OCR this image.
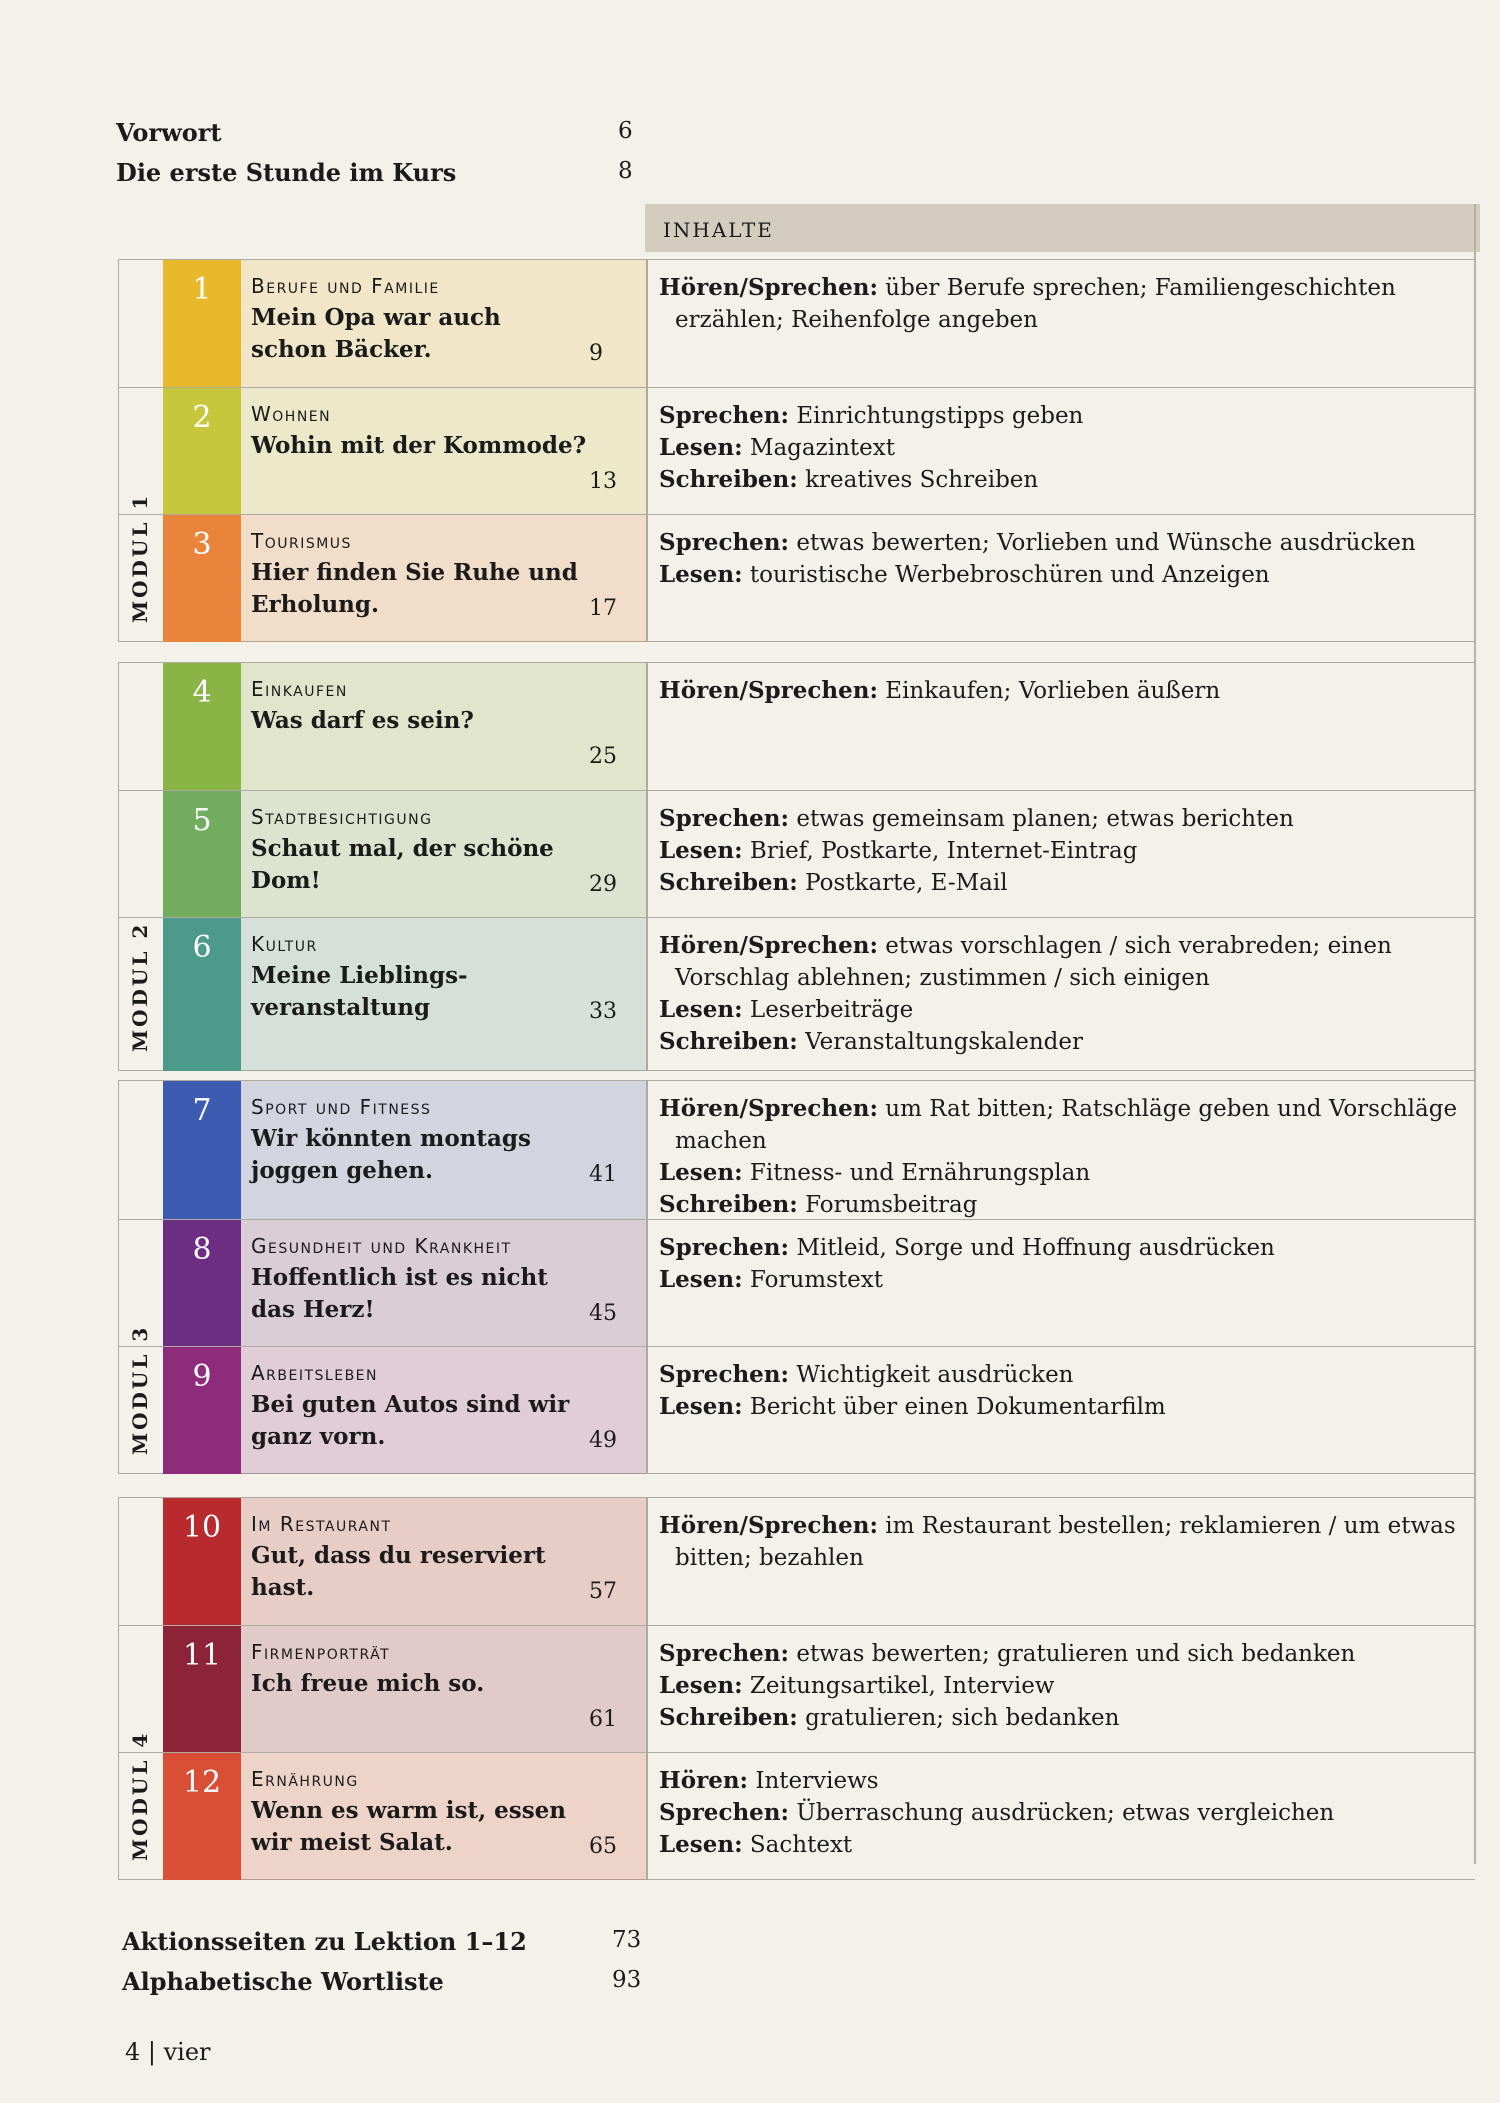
Vorwort	6
Die erste Stunde im Kurs	8
INHALTE
MODUL 1
1	Berufe und Familie
Mein Opa war auch
schon Bäcker.	9
Hören/Sprechen: über Berufe sprechen; Familiengeschichten erzählen; Reihenfolge angeben
2	Wohnen
Wohin mit der Kommode?
13
Sprechen: Einrichtungstipps geben
Lesen: Magazintext
Schreiben: kreatives Schreiben
3	Tourismus
Hier finden Sie Ruhe und
Erholung.	17
Sprechen: etwas bewerten; Vorlieben und Wünsche ausdrücken
Lesen: touristische Werbebroschüren und Anzeigen
MODUL 2
4	Einkaufen
Was darf es sein?
25
Hören/Sprechen: Einkaufen; Vorlieben äußern
5	Stadtbesichtigung
Schaut mal, der schöne Dom!	29
Sprechen: etwas gemeinsam planen; etwas berichten
Lesen: Brief, Postkarte, Internet-Eintrag
Schreiben: Postkarte, E-Mail
6	Kultur
Meine Lieblings-
veranstaltung	33
Hören/Sprechen: etwas vorschlagen / sich verabreden; einen Vorschlag ablehnen; zustimmen / sich einigen
Lesen: Leserbeiträge
Schreiben: Veranstaltungskalender
MODUL 3
7	Sport und Fitness
Wir könnten montags
joggen gehen.	41
Hören/Sprechen: um Rat bitten; Ratschläge geben und Vorschläge machen
Lesen: Fitness- und Ernährungsplan
Schreiben: Forumsbeitrag
8	Gesundheit und Krankheit
Hoffentlich ist es nicht
das Herz!	45
Sprechen: Mitleid, Sorge und Hoffnung ausdrücken
Lesen: Forumstext
9	Arbeitsleben
Bei guten Autos sind wir
ganz vorn.	49
Sprechen: Wichtigkeit ausdrücken
Lesen: Bericht über einen Dokumentarfilm
MODUL 4
10	Im Restaurant
Gut, dass du reserviert hast.	57
Hören/Sprechen: im Restaurant bestellen; reklamieren / um etwas bitten; bezahlen
11	Firmenporträt
Ich freue mich so.
61
Sprechen: etwas bewerten; gratulieren und sich bedanken
Lesen: Zeitungsartikel, Interview
Schreiben: gratulieren; sich bedanken
12	Ernährung
Wenn es warm ist, essen
wir meist Salat.	65
Hören: Interviews
Sprechen: Überraschung ausdrücken; etwas vergleichen
Lesen: Sachtext
Aktionsseiten zu Lektion 1–12	73
Alphabetische Wortliste	93
4 | vier
